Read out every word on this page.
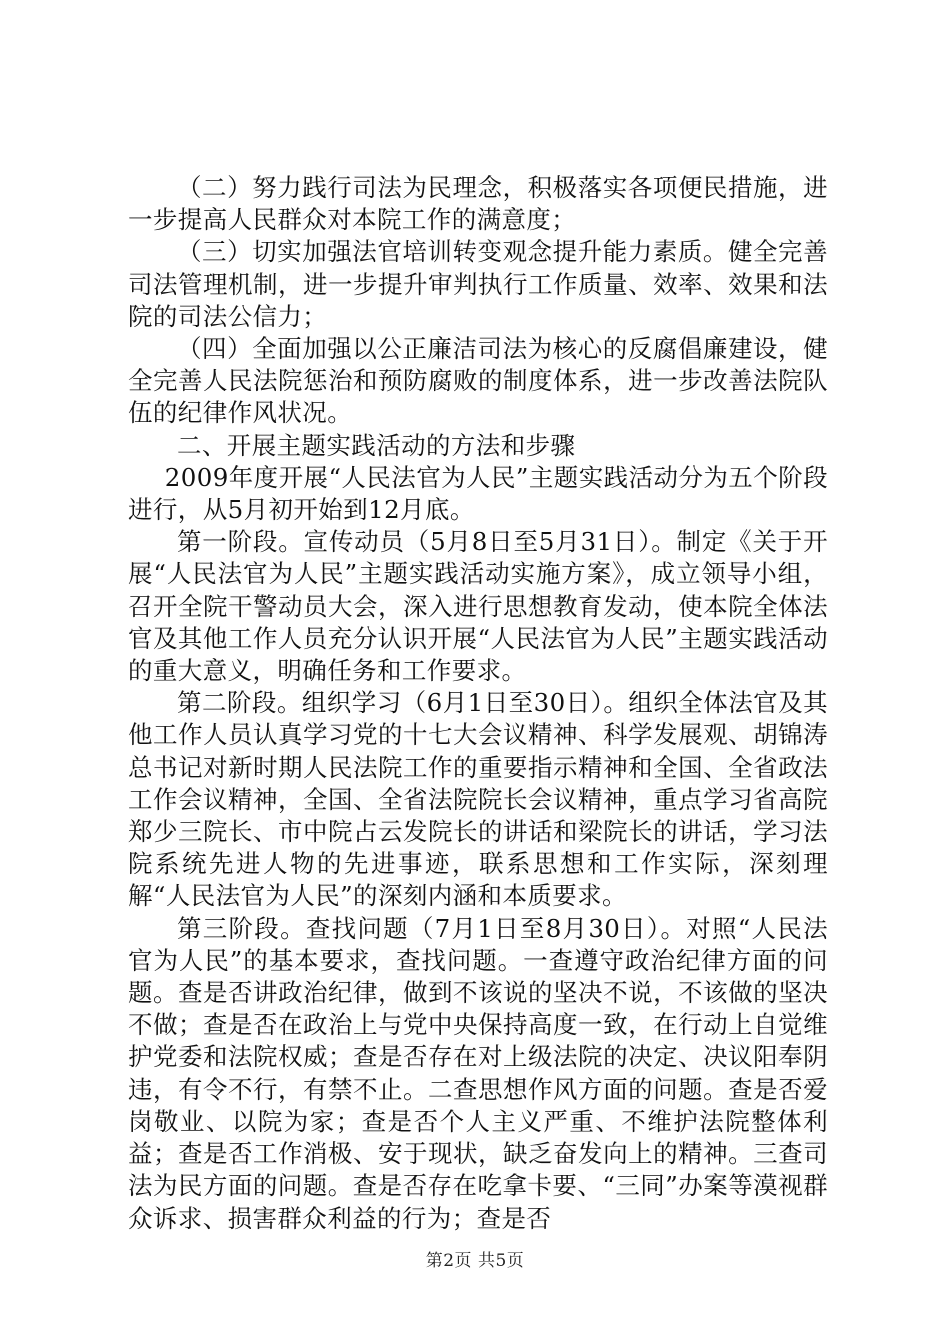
（二）努力践行司法为民理念，积极落实各项便民措施，进一步提高人民群众对本院工作的满意度；

（三）切实加强法官培训转变观念提升能力素质。健全完善司法管理机制，进一步提升审判执行工作质量、效率、效果和法院的司法公信力；

（四）全面加强以公正廉洁司法为核心的反腐倡廉建设，健全完善人民法院惩治和预防腐败的制度体系，进一步改善法院队伍的纪律作风状况。

二、开展主题实践活动的方法和步骤

2009年度开展“人民法官为人民”主题实践活动分为五个阶段进行，从5月初开始到12月底。

第一阶段。宣传动员（5月8日至5月31日）。制定《关于开展“人民法官为人民”主题实践活动实施方案》，成立领导小组，召开全院干警动员大会，深入进行思想教育发动，使本院全体法官及其他工作人员充分认识开展“人民法官为人民”主题实践活动的重大意义，明确任务和工作要求。

第二阶段。组织学习（6月1日至30日）。组织全体法官及其他工作人员认真学习党的十七大会议精神、科学发展观、胡锦涛总书记对新时期人民法院工作的重要指示精神和全国、全省政法工作会议精神，全国、全省法院院长会议精神，重点学习省高院郑少三院长、市中院占云发院长的讲话和梁院长的讲话，学习法院系统先进人物的先进事迹，联系思想和工作实际，深刻理解“人民法官为人民”的深刻内涵和本质要求。

第三阶段。查找问题（7月1日至8月30日）。对照“人民法官为人民”的基本要求，查找问题。一查遵守政治纪律方面的问题。查是否讲政治纪律，做到不该说的坚决不说，不该做的坚决不做；查是否在政治上与党中央保持高度一致，在行动上自觉维护党委和法院权威；查是否存在对上级法院的决定、决议阳奉阴违，有令不行，有禁不止。二查思想作风方面的问题。查是否爱岗敬业、以院为家；查是否个人主义严重、不维护法院整体利益；查是否工作消极、安于现状，缺乏奋发向上的精神。三查司法为民方面的问题。查是否存在吃拿卡要、“三同”办案等漠视群众诉求、损害群众利益的行为；查是否

第2页 共5页
